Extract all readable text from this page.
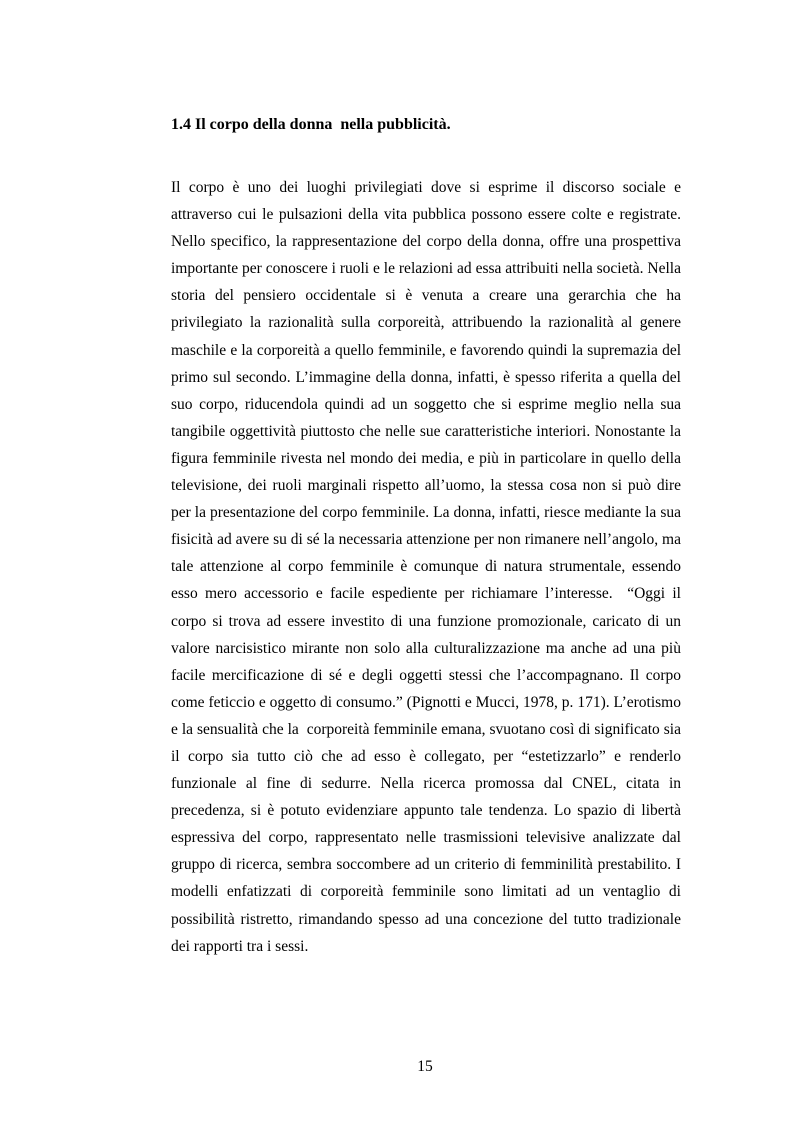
1.4 Il corpo della donna  nella pubblicità.

Il corpo è uno dei luoghi privilegiati dove si esprime il discorso sociale e attraverso cui le pulsazioni della vita pubblica possono essere colte e registrate. Nello specifico, la rappresentazione del corpo della donna, offre una prospettiva importante per conoscere i ruoli e le relazioni ad essa attribuiti nella società. Nella storia del pensiero occidentale si è venuta a creare una gerarchia che ha privilegiato la razionalità sulla corporeità, attribuendo la razionalità al genere maschile e la corporeità a quello femminile, e favorendo quindi la supremazia del primo sul secondo. L’immagine della donna, infatti, è spesso riferita a quella del suo corpo, riducendola quindi ad un soggetto che si esprime meglio nella sua tangibile oggettività piuttosto che nelle sue caratteristiche interiori. Nonostante la figura femminile rivesta nel mondo dei media, e più in particolare in quello della televisione, dei ruoli marginali rispetto all’uomo, la stessa cosa non si può dire per la presentazione del corpo femminile. La donna, infatti, riesce mediante la sua fisicità ad avere su di sé la necessaria attenzione per non rimanere nell’angolo, ma tale attenzione al corpo femminile è comunque di natura strumentale, essendo esso mero accessorio e facile espediente per richiamare l’interesse.  “Oggi il corpo si trova ad essere investito di una funzione promozionale, caricato di un valore narcisistico mirante non solo alla culturalizzazione ma anche ad una più facile mercificazione di sé e degli oggetti stessi che l’accompagnano. Il corpo come feticcio e oggetto di consumo.” (Pignotti e Mucci, 1978, p. 171). L’erotismo e la sensualità che la  corporeità femminile emana, svuotano così di significato sia il corpo sia tutto ciò che ad esso è collegato, per “estetizzarlo” e renderlo funzionale al fine di sedurre. Nella ricerca promossa dal CNEL, citata in precedenza, si è potuto evidenziare appunto tale tendenza. Lo spazio di libertà espressiva del corpo, rappresentato nelle trasmissioni televisive analizzate dal gruppo di ricerca, sembra soccombere ad un criterio di femminilità prestabilito. I modelli enfatizzati di corporeità femminile sono limitati ad un ventaglio di possibilità ristretto, rimandando spesso ad una concezione del tutto tradizionale dei rapporti tra i sessi.

15
